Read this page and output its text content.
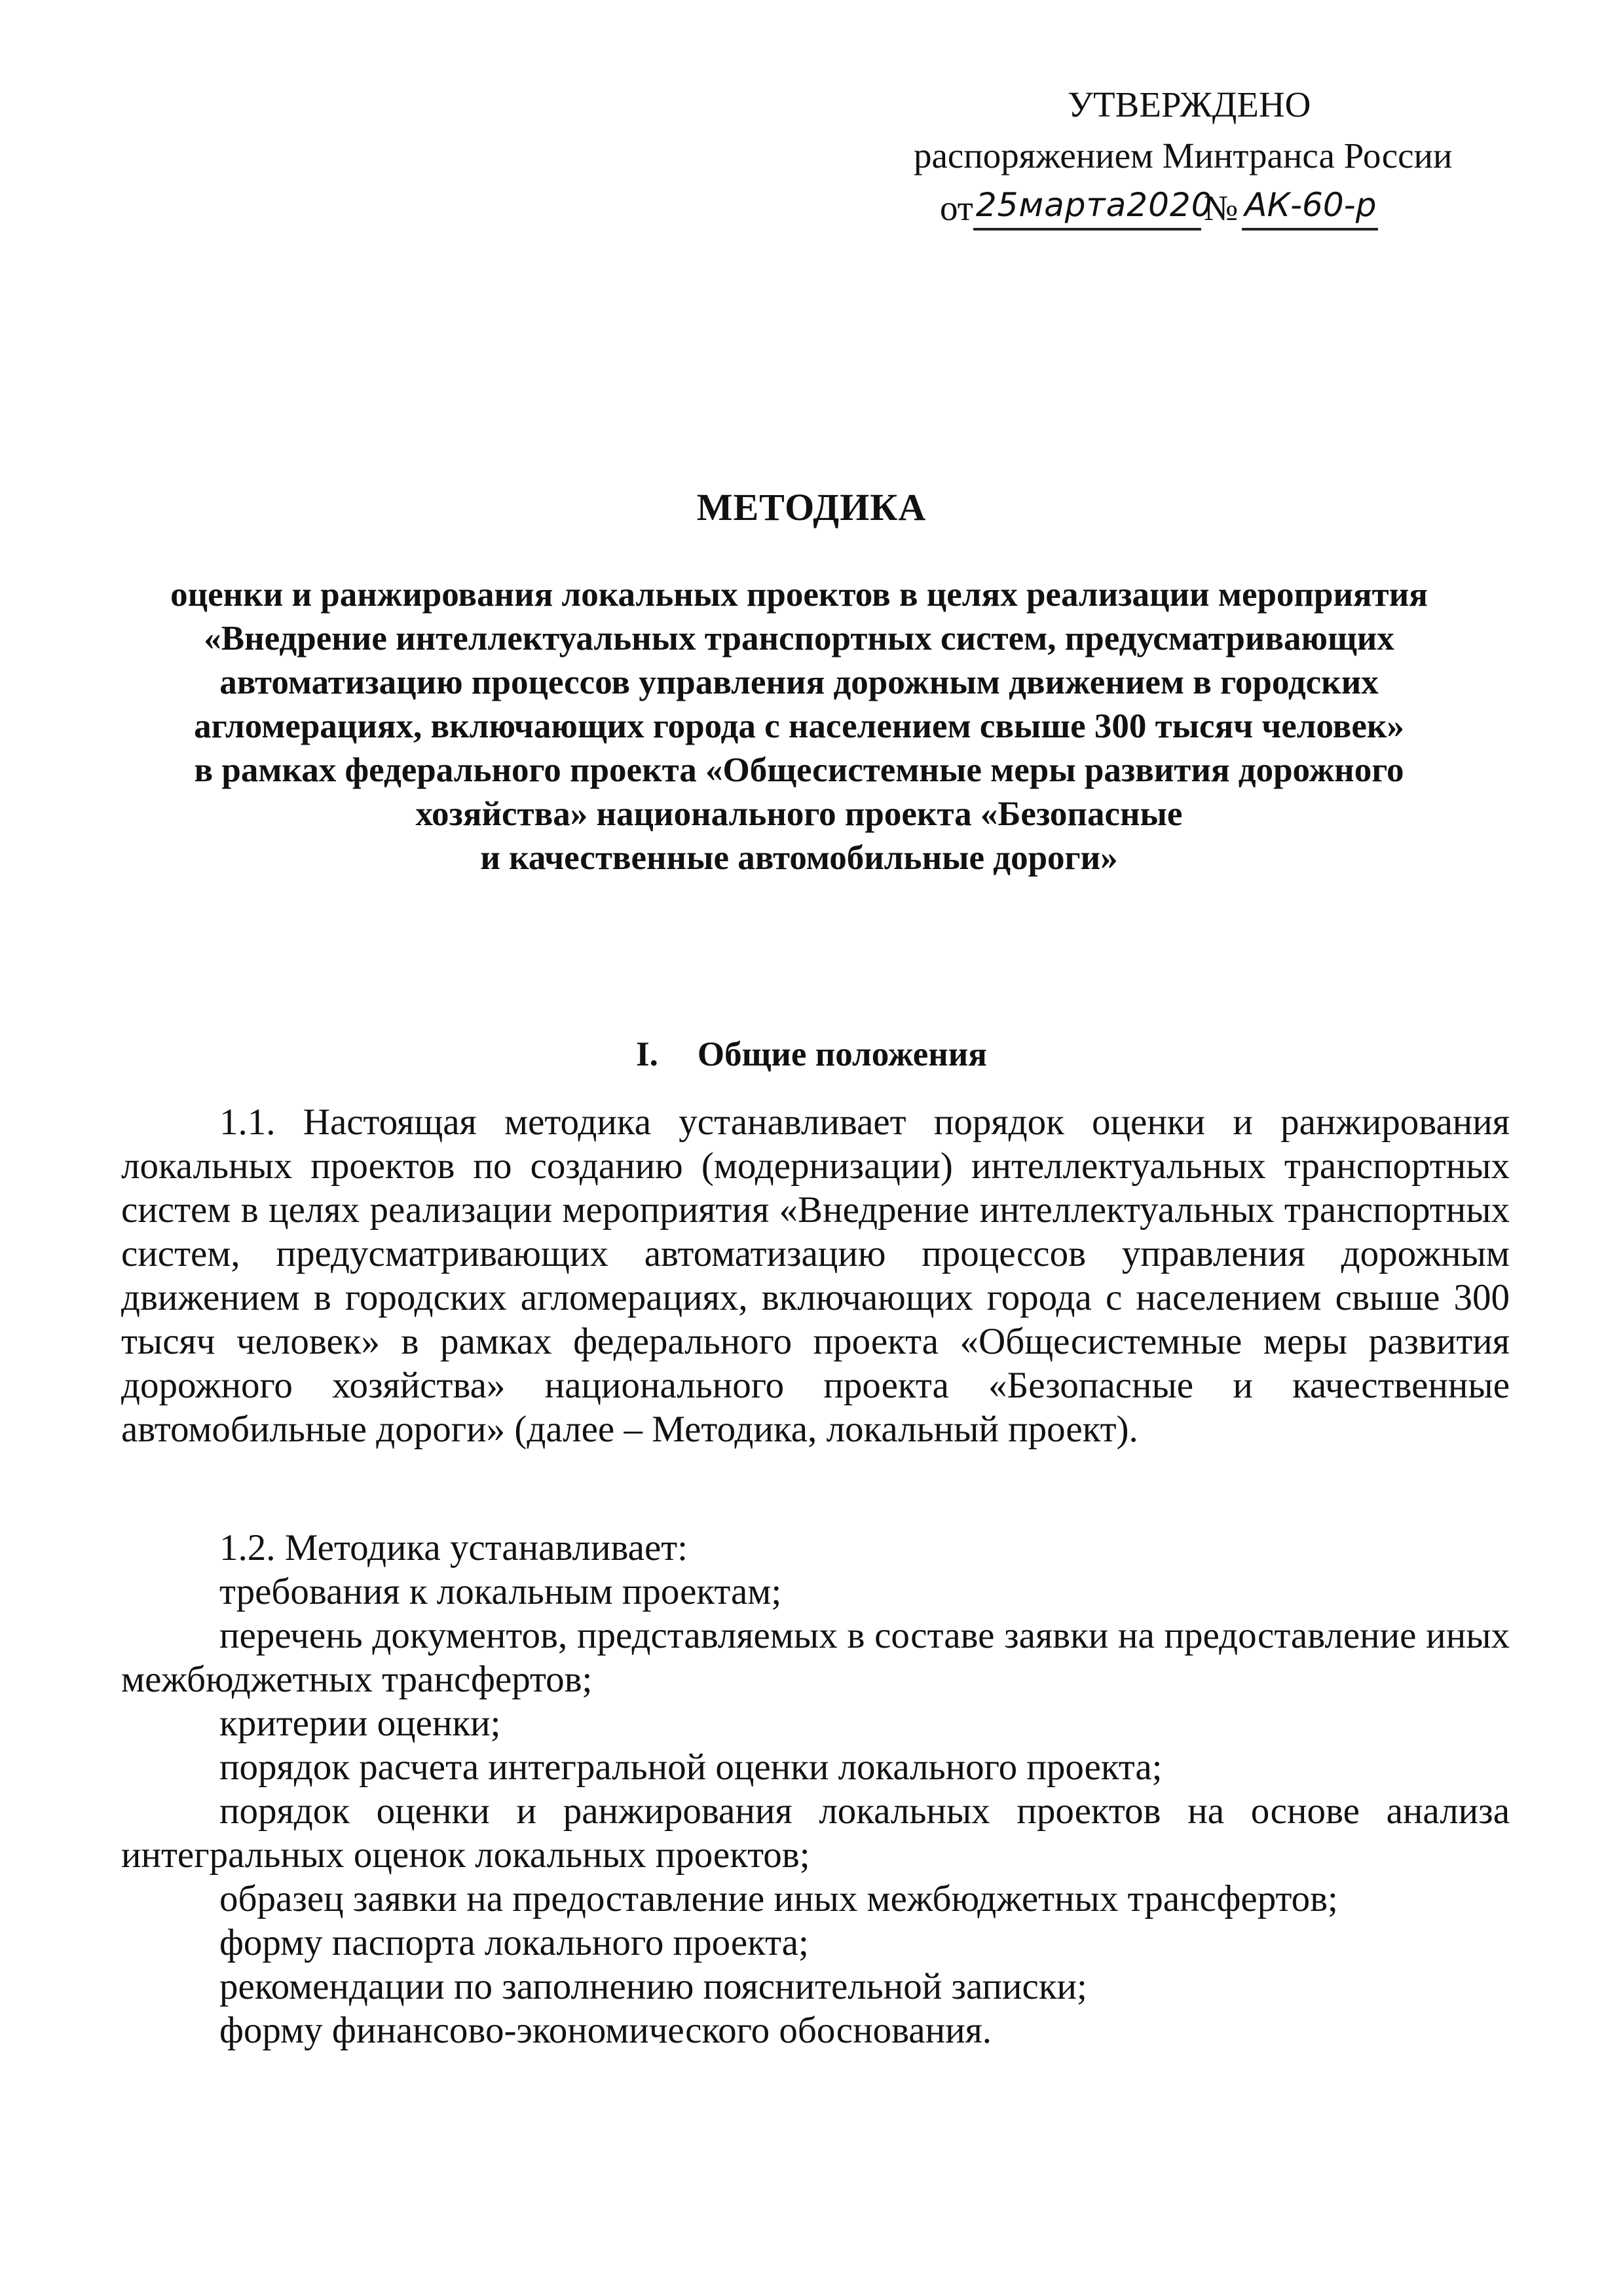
УТВЕРЖДЕНО
распоряжением Минтранса России
от25марта2020№ АК-60-р
МЕТОДИКА
оценки и ранжирования локальных проектов в целях реализации мероприятия
«Внедрение интеллектуальных транспортных систем, предусматривающих
автоматизацию процессов управления дорожным движением в городских
агломерациях, включающих города с населением свыше 300 тысяч человек»
в рамках федерального проекта «Общесистемные меры развития дорожного
хозяйства» национального проекта «Безопасные
и качественные автомобильные дороги»
I. Общие положения

1.1. Настоящая методика устанавливает порядок оценки и ранжирования локальных проектов по созданию (модернизации) интеллектуальных транспортных систем в целях реализации мероприятия «Внедрение интеллектуальных транспортных систем, предусматривающих автоматизацию процессов управления дорожным движением в городских агломерациях, включающих города с населением свыше 300 тысяч человек» в рамках федерального проекта «Общесистемные меры развития дорожного хозяйства» национального проекта «Безопасные и качественные автомобильные дороги» (далее – Методика, локальный проект).

1.2. Методика устанавливает:

требования к локальным проектам;
перечень документов, представляемых в составе заявки на предоставление иных межбюджетных трансфертов;
критерии оценки;
порядок расчета интегральной оценки локального проекта;
порядок оценки и ранжирования локальных проектов на основе анализа интегральных оценок локальных проектов;
образец заявки на предоставление иных межбюджетных трансфертов;
форму паспорта локального проекта;
рекомендации по заполнению пояснительной записки;
форму финансово-экономического обоснования.
